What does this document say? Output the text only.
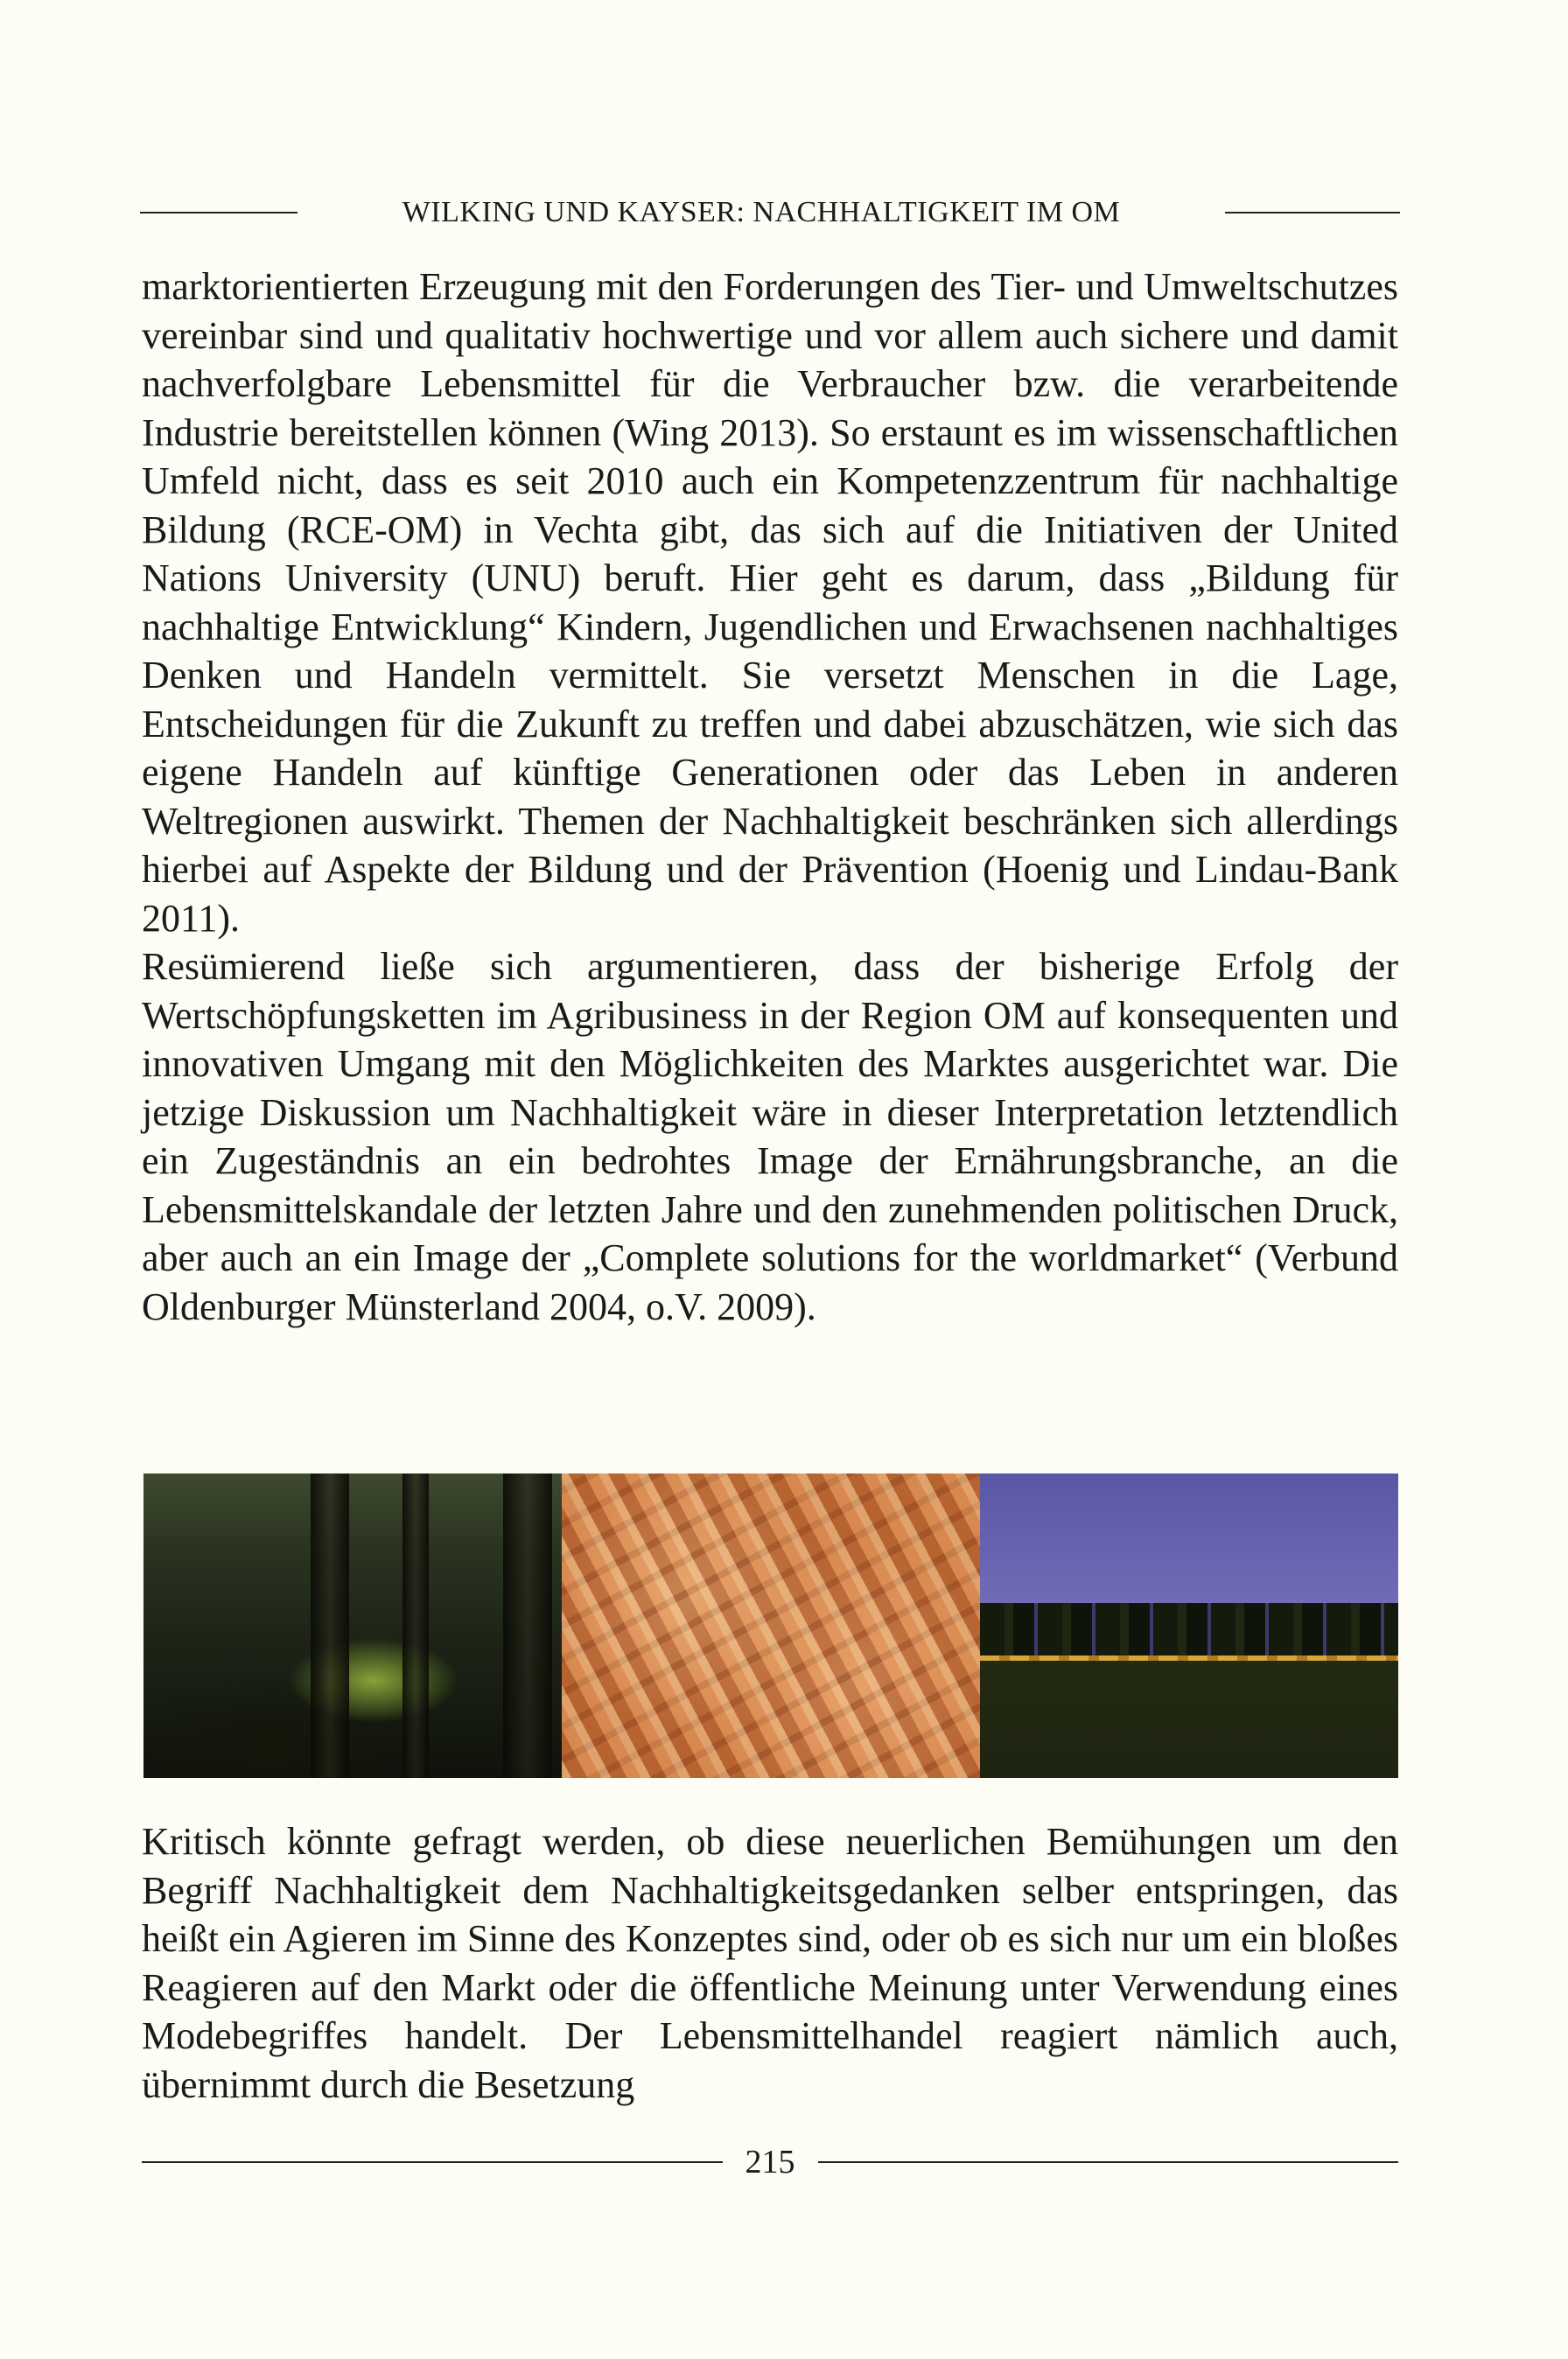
WILKING UND KAYSER: NACHHALTIGKEIT IM OM

marktorientierten Erzeugung mit den Forderungen des Tier- und Umweltschutzes vereinbar sind und qualitativ hochwertige und vor allem auch sichere und damit nachverfolgbare Lebensmittel für die Verbraucher bzw. die verarbeitende Industrie bereitstellen können (Wing 2013). So erstaunt es im wissenschaftlichen Umfeld nicht, dass es seit 2010 auch ein Kompetenzzentrum für nachhaltige Bildung (RCE-OM) in Vechta gibt, das sich auf die Initiativen der United Nations University (UNU) beruft. Hier geht es darum, dass „Bildung für nachhaltige Entwicklung“ Kindern, Jugendlichen und Erwachsenen nachhaltiges Denken und Handeln vermittelt. Sie versetzt Menschen in die Lage, Entscheidungen für die Zukunft zu treffen und dabei abzuschätzen, wie sich das eigene Handeln auf künftige Generationen oder das Leben in anderen Weltregionen auswirkt. Themen der Nachhaltigkeit beschränken sich allerdings hierbei auf Aspekte der Bildung und der Prävention (Hoenig und Lindau-Bank 2011).

Resümierend ließe sich argumentieren, dass der bisherige Erfolg der Wertschöpfungsketten im Agribusiness in der Region OM auf konsequenten und innovativen Umgang mit den Möglichkeiten des Marktes ausgerichtet war. Die jetzige Diskussion um Nachhaltigkeit wäre in dieser Interpretation letztendlich ein Zugeständnis an ein bedrohtes Image der Ernährungsbranche, an die Lebensmittelskandale der letzten Jahre und den zunehmenden politischen Druck, aber auch an ein Image der „Complete solutions for the worldmarket“ (Verbund Oldenburger Münsterland 2004, o.V. 2009).

Kritisch könnte gefragt werden, ob diese neuerlichen Bemühungen um den Begriff Nachhaltigkeit dem Nachhaltigkeitsgedanken selber entspringen, das heißt ein Agieren im Sinne des Konzeptes sind, oder ob es sich nur um ein bloßes Reagieren auf den Markt oder die öffentliche Meinung unter Verwendung eines Modebegriffes handelt. Der Lebensmittelhandel reagiert nämlich auch, übernimmt durch die Besetzung

215
